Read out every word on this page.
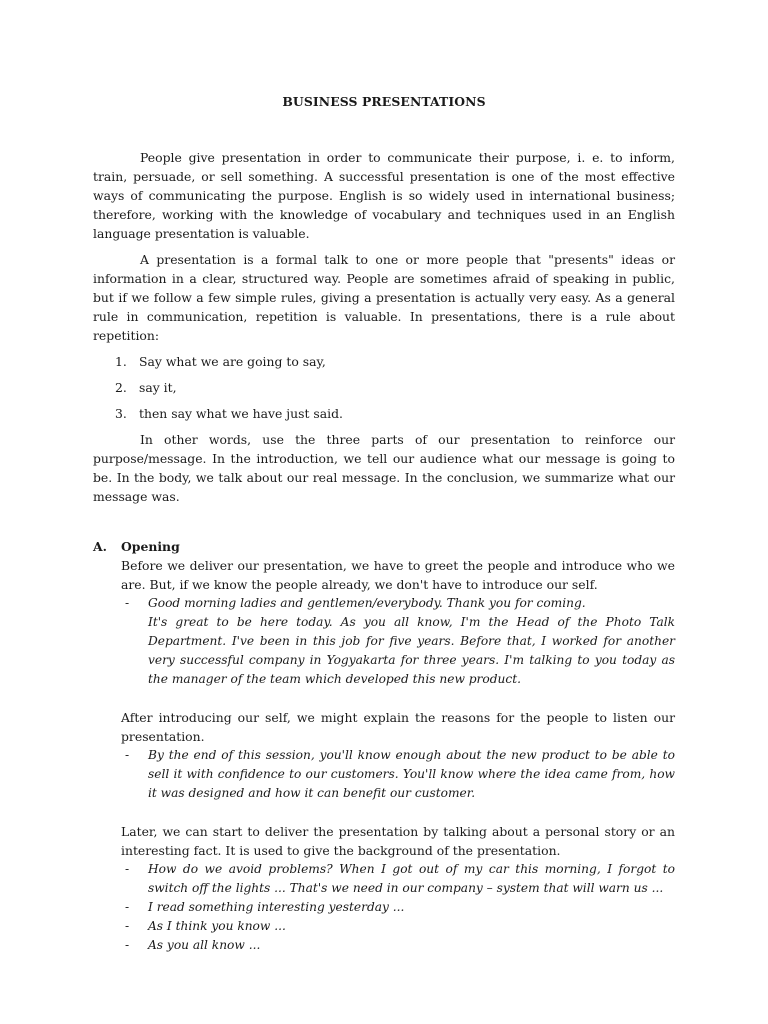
BUSINESS PRESENTATIONS

People give presentation in order to communicate their purpose, i. e. to inform, train, persuade, or sell something. A successful presentation is one of the most effective ways of communicating the purpose. English is so widely used in international business; therefore, working with the knowledge of vocabulary and techniques used in an English language presentation is valuable.

A presentation is a formal talk to one or more people that "presents" ideas or information in a clear, structured way. People are sometimes afraid of speaking in public, but if we follow a few simple rules, giving a presentation is actually very easy. As a general rule in communication, repetition is valuable. In presentations, there is a rule about repetition:

1. Say what we are going to say,
2. say it,
3. then say what we have just said.

In other words, use the three parts of our presentation to reinforce our purpose/message. In the introduction, we tell our audience what our message is going to be. In the body, we talk about our real message. In the conclusion, we summarize what our message was.

A. Opening

Before we deliver our presentation, we have to greet the people and introduce who we are. But, if we know the people already, we don't have to introduce our self.

- Good morning ladies and gentlemen/everybody. Thank you for coming.

It's great to be here today. As you all know, I'm the Head of the Photo Talk Department. I've been in this job for five years. Before that, I worked for another very successful company in Yogyakarta for three years. I'm talking to you today as the manager of the team which developed this new product.

After introducing our self, we might explain the reasons for the people to listen our presentation.

- By the end of this session, you'll know enough about the new product to be able to sell it with confidence to our customers. You'll know where the idea came from, how it was designed and how it can benefit our customer.

Later, we can start to deliver the presentation by talking about a personal story or an interesting fact. It is used to give the background of the presentation.

- How do we avoid problems? When I got out of my car this morning, I forgot to switch off the lights ... That's we need in our company – system that will warn us ...
- I read something interesting yesterday ...
- As I think you know ...
- As you all know ...
